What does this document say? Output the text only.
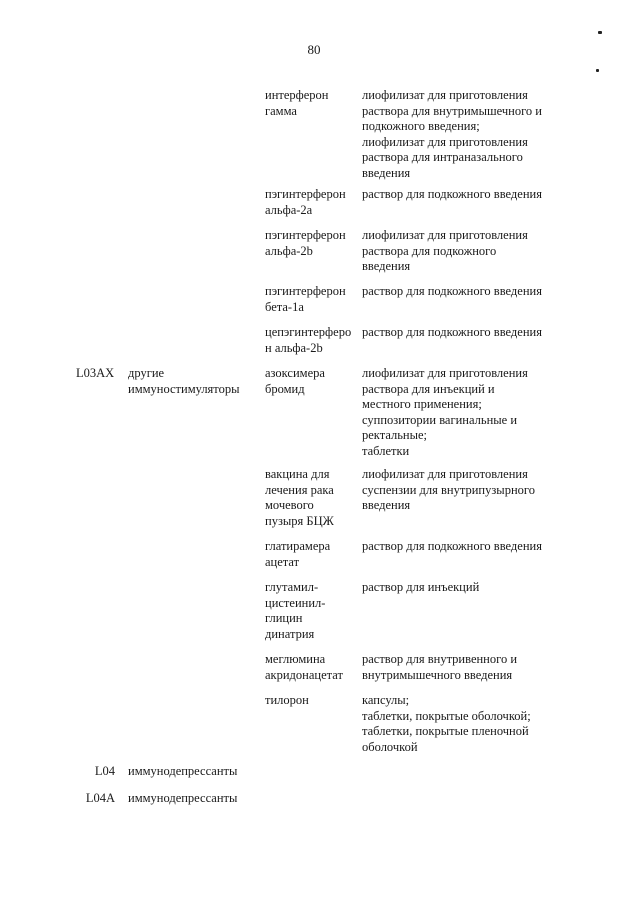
80
интерферон
гамма
лиофилизат для приготовления
раствора для внутримышечного и
подкожного введения;
лиофилизат для приготовления
раствора для интраназального
введения
пэгинтерферон
альфа-2а
раствор для подкожного введения
пэгинтерферон
альфа-2b
лиофилизат для приготовления
раствора для подкожного
введения
пэгинтерферон
бета-1а
раствор для подкожного введения
цепэгинтерферо
н альфа-2b
раствор для подкожного введения
L03AX	другие
иммуностимуляторы
азоксимера
бромид
лиофилизат для приготовления
раствора для инъекций и
местного применения;
суппозитории вагинальные и
ректальные;
таблетки
вакцина для
лечения рака
мочевого
пузыря БЦЖ
лиофилизат для приготовления
суспензии для внутрипузырного
введения
глатирамера
ацетат
раствор для подкожного введения
глутамил-
цистеинил-
глицин
динатрия
раствор для инъекций
меглюмина
акридонацетат
раствор для внутривенного и
внутримышечного введения
тилорон	капсулы;
таблетки, покрытые оболочкой;
таблетки, покрытые пленочной
оболочкой
L04 иммунодепрессанты
L04A иммунодепрессанты
